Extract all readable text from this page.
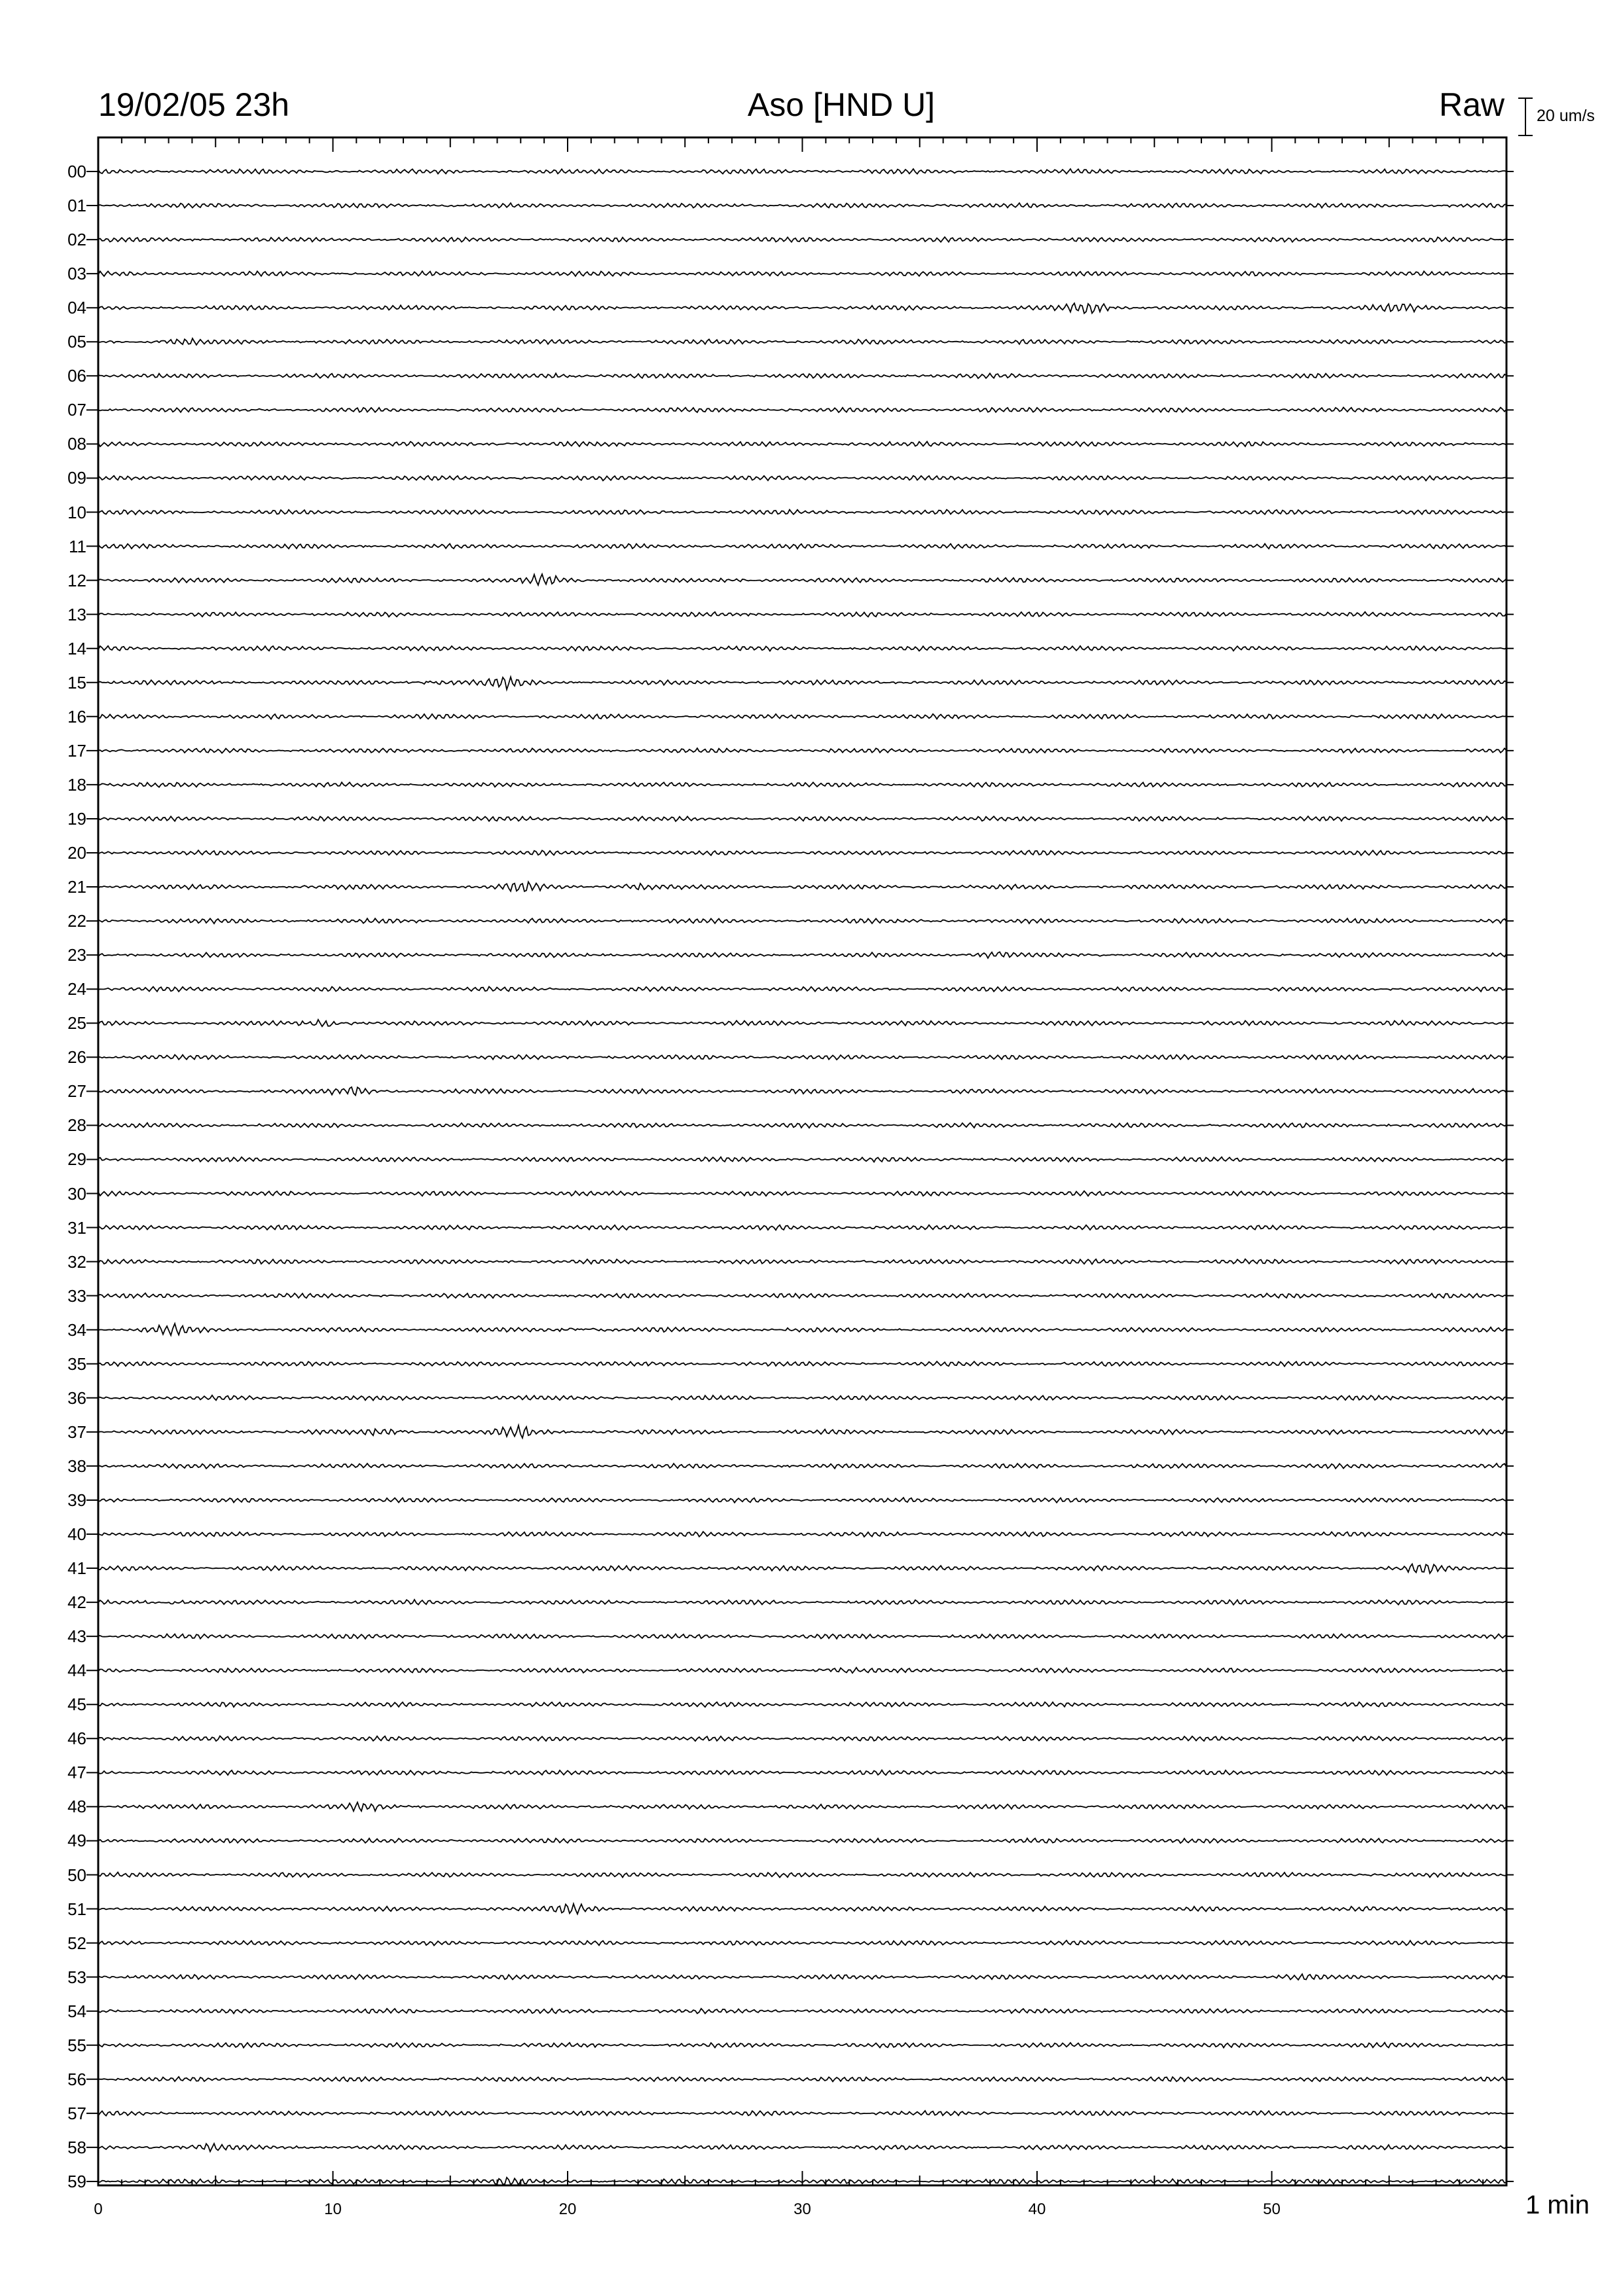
19/02/05 23h	Aso [HND U]	Raw 20 um/s
1 min
00
01
02
03
04
05
06
07
08
09
10
11
12
13
14
15
16
17
18
19
20
21
22
23
24
25
26
27
28
29
30
31
32
33
34
35
36
37
38
39
40
41
42
43
44
45
46
47
48
49
50
51
52
53
54
55
56
57
58
59
0	10	20	30	40	50
